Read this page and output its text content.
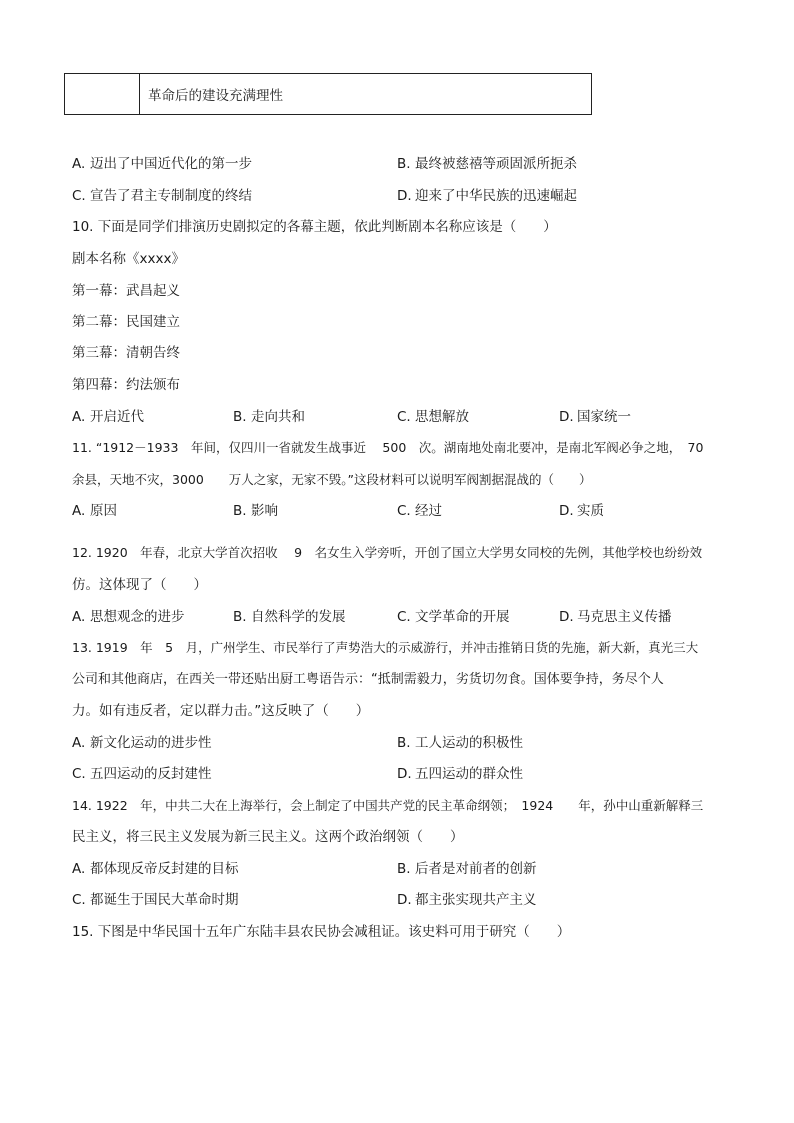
革命后的建设充满理性
A. 迈出了中国近代化的第一步	B. 最终被慈禧等顽固派所扼杀
C. 宣告了君主专制制度的终结	D. 迎来了中华民族的迅速崛起
10. 下面是同学们排演历史剧拟定的各幕主题，依此判断剧本名称应该是（　　）
剧本名称《xxxx》
第一幕：武昌起义
第二幕：民国建立
第三幕：清朝告终
第四幕：约法颁布
A. 开启近代	B. 走向共和	C. 思想解放	D. 国家统一
11. “1912－1933　年间，仅四川一省就发生战事近　 500　次。湖南地处南北要冲，是南北军阀必争之地，　70
余县，天地不灾，3000　　万人之家，无家不毁。”这段材料可以说明军阀割据混战的（　　）
A. 原因	B. 影响	C. 经过	D. 实质
12. 1920　年春，北京大学首次招收　 9　名女生入学旁听，开创了国立大学男女同校的先例，其他学校也纷纷效
仿。这体现了（　　）
A. 思想观念的进步	B. 自然科学的发展	C. 文学革命的开展	D. 马克思主义传播
13. 1919　年　5　月，广州学生、市民举行了声势浩大的示威游行，并冲击推销日货的先施，新大新，真光三大
公司和其他商店，在西关一带还贴出厨工粤语告示：“抵制需毅力，劣货切勿食。国体要争持，务尽个人
力。如有违反者，定以群力击。”这反映了（　　）
A. 新文化运动的进步性	B. 工人运动的积极性
C. 五四运动的反封建性	D. 五四运动的群众性
14. 1922　年，中共二大在上海举行，会上制定了中国共产党的民主革命纲领；　1924　　年，孙中山重新解释三
民主义，将三民主义发展为新三民主义。这两个政治纲领（　　）
A. 都体现反帝反封建的目标	B. 后者是对前者的创新
C. 都诞生于国民大革命时期	D. 都主张实现共产主义
15. 下图是中华民国十五年广东陆丰县农民协会减租证。该史料可用于研究（　　）
